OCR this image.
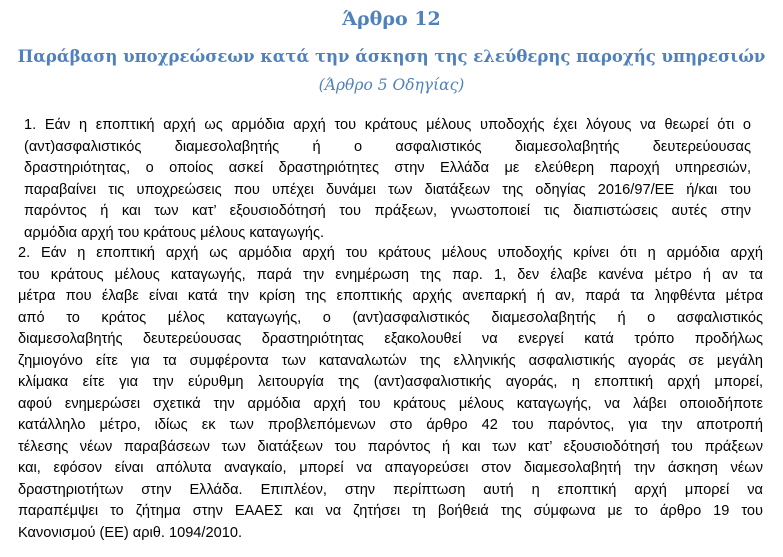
Άρθρο 12
Παράβαση υποχρεώσεων κατά την άσκηση της ελεύθερης παροχής υπηρεσιών
(Άρθρο 5 Οδηγίας)
1. Εάν η εποπτική αρχή ως αρμόδια αρχή του κράτους μέλους υποδοχής έχει λόγους να θεωρεί ότι ο
(αντ)ασφαλιστικός διαμεσολαβητής ή ο ασφαλιστικός διαμεσολαβητής δευτερεύουσας
δραστηριότητας, ο οποίος ασκεί δραστηριότητες στην Ελλάδα με ελεύθερη παροχή υπηρεσιών,
παραβαίνει τις υποχρεώσεις που υπέχει δυνάμει των διατάξεων της οδηγίας 2016/97/ΕΕ ή/και του
παρόντος ή και των κατ’ εξουσιοδότησή του πράξεων, γνωστοποιεί τις διαπιστώσεις αυτές στην
αρμόδια αρχή του κράτους μέλους καταγωγής.
2. Εάν η εποπτική αρχή ως αρμόδια αρχή του κράτους μέλους υποδοχής κρίνει ότι η αρμόδια αρχή
του κράτους μέλους καταγωγής, παρά την ενημέρωση της παρ. 1, δεν έλαβε κανένα μέτρο ή αν τα
μέτρα που έλαβε είναι κατά την κρίση της εποπτικής αρχής ανεπαρκή ή αν, παρά τα ληφθέντα μέτρα
από το κράτος μέλος καταγωγής, ο (αντ)ασφαλιστικός διαμεσολαβητής ή ο ασφαλιστικός
διαμεσολαβητής δευτερεύουσας δραστηριότητας εξακολουθεί να ενεργεί κατά τρόπο προδήλως
ζημιογόνο είτε για τα συμφέροντα των καταναλωτών της ελληνικής ασφαλιστικής αγοράς σε μεγάλη
κλίμακα είτε για την εύρυθμη λειτουργία της (αντ)ασφαλιστικής αγοράς, η εποπτική αρχή μπορεί,
αφού ενημερώσει σχετικά την αρμόδια αρχή του κράτους μέλους καταγωγής, να λάβει οποιοδήποτε
κατάλληλο μέτρο, ιδίως εκ των προβλεπόμενων στο άρθρο 42 του παρόντος, για την αποτροπή
τέλεσης νέων παραβάσεων των διατάξεων του παρόντος ή και των κατ’ εξουσιοδότησή του πράξεων
και, εφόσον είναι απόλυτα αναγκαίο, μπορεί να απαγορεύσει στον διαμεσολαβητή την άσκηση νέων
δραστηριοτήτων στην Ελλάδα. Επιπλέον, στην περίπτωση αυτή η εποπτική αρχή μπορεί να
παραπέμψει το ζήτημα στην ΕΑΑΕΣ και να ζητήσει τη βοήθειά της σύμφωνα με το άρθρο 19 του
Κανονισμού (ΕΕ) αριθ. 1094/2010.
